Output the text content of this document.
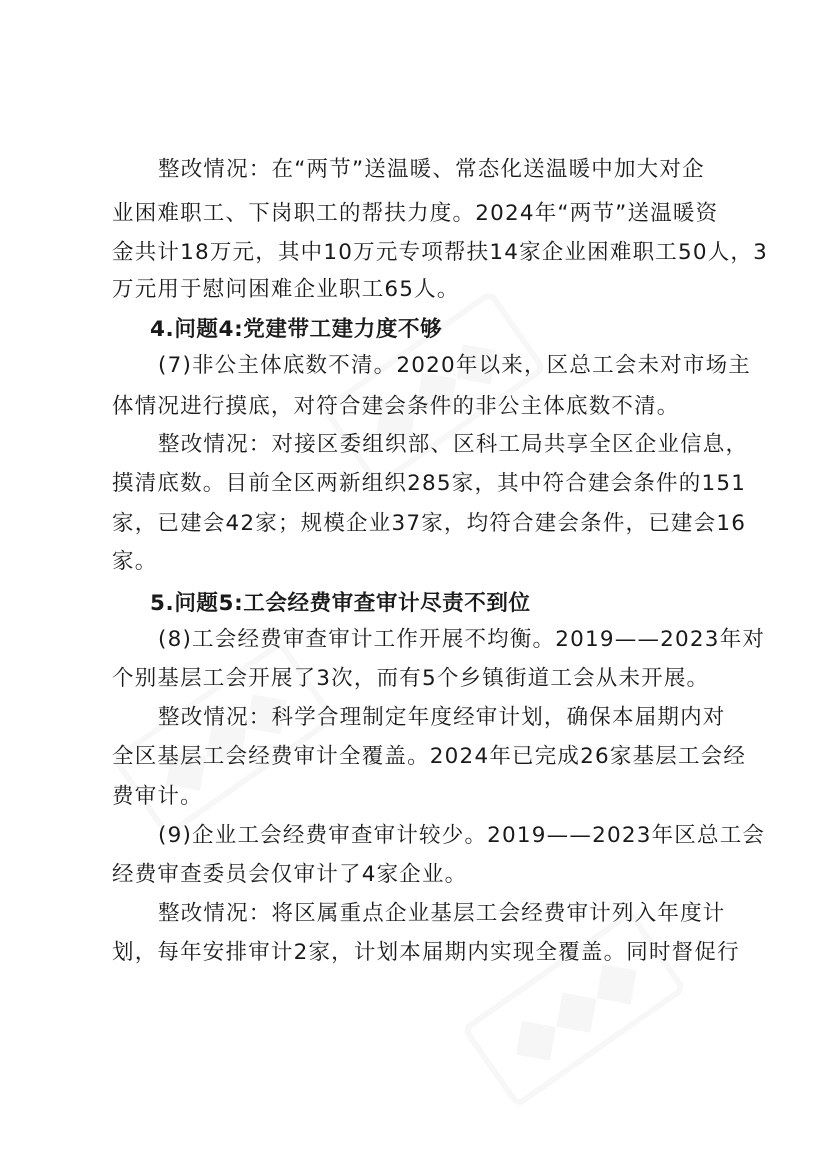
整改情况：在“两节”送温暖、常态化送温暖中加大对企
业困难职工、下岗职工的帮扶力度。2024年“两节”送温暖资
金共计18万元，其中10万元专项帮扶14家企业困难职工50人，3
万元用于慰问困难企业职工65人。
4.问题4:党建带工建力度不够
(7)非公主体底数不清。2020年以来，区总工会未对市场主
体情况进行摸底，对符合建会条件的非公主体底数不清。
整改情况：对接区委组织部、区科工局共享全区企业信息，
摸清底数。目前全区两新组织285家，其中符合建会条件的151
家，已建会42家；规模企业37家，均符合建会条件，已建会16
家。
5.问题5:工会经费审查审计尽责不到位
(8)工会经费审查审计工作开展不均衡。2019——2023年对
个别基层工会开展了3次，而有5个乡镇街道工会从未开展。
整改情况：科学合理制定年度经审计划，确保本届期内对
全区基层工会经费审计全覆盖。2024年已完成26家基层工会经
费审计。
(9)企业工会经费审查审计较少。2019——2023年区总工会
经费审查委员会仅审计了4家企业。
整改情况：将区属重点企业基层工会经费审计列入年度计
划，每年安排审计2家，计划本届期内实现全覆盖。同时督促行
